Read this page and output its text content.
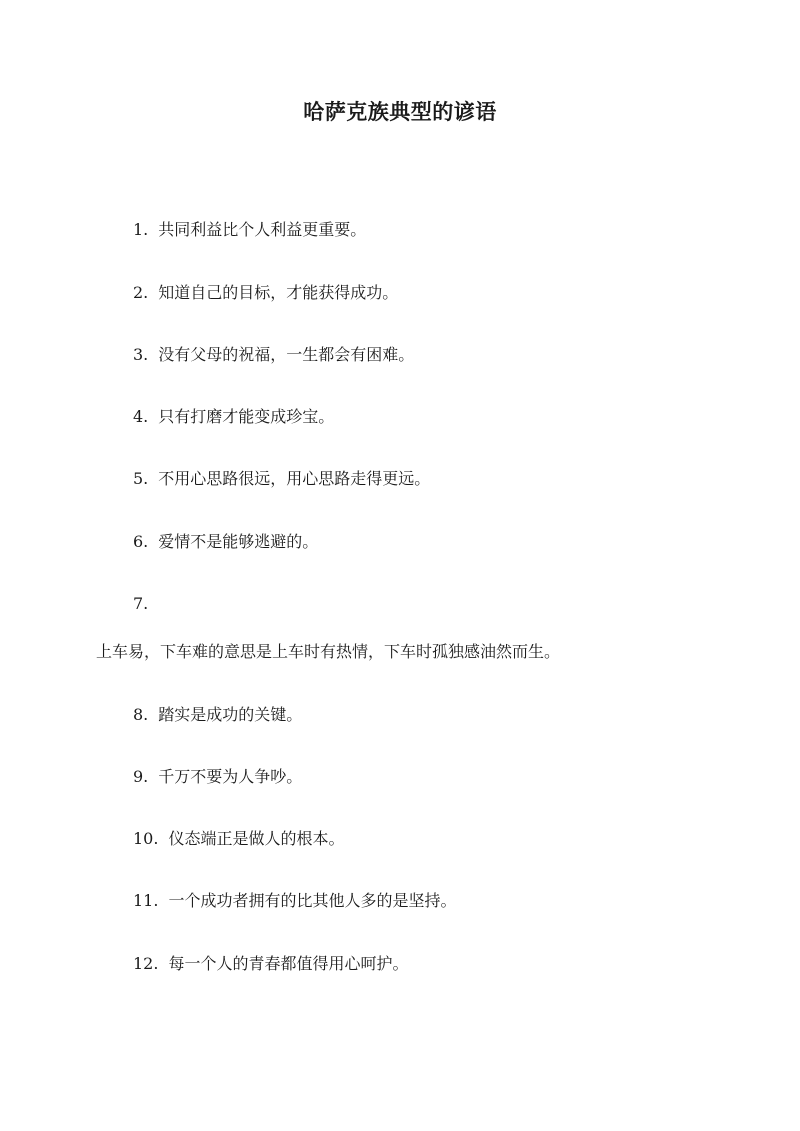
哈萨克族典型的谚语
1. 共同利益比个人利益更重要。
2. 知道自己的目标，才能获得成功。
3. 没有父母的祝福，一生都会有困难。
4. 只有打磨才能变成珍宝。
5. 不用心思路很远，用心思路走得更远。
6. 爱情不是能够逃避的。
7.
上车易，下车难的意思是上车时有热情，下车时孤独感油然而生。
8. 踏实是成功的关键。
9. 千万不要为人争吵。
10. 仪态端正是做人的根本。
11. 一个成功者拥有的比其他人多的是坚持。
12. 每一个人的青春都值得用心呵护。
